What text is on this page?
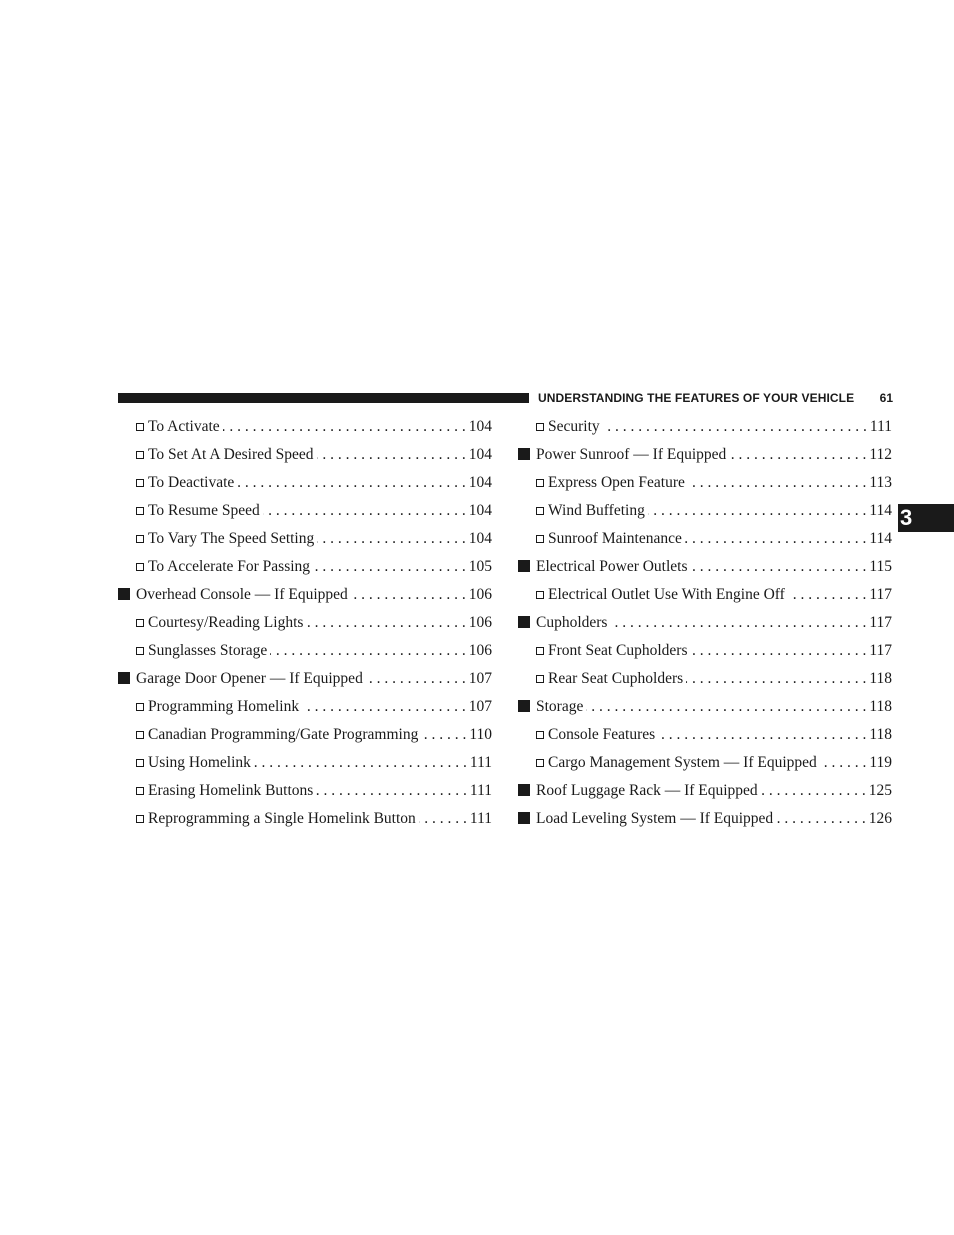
UNDERSTANDING THE FEATURES OF YOUR VEHICLE	61
3
To Activate . . .	104
To Set At A Desired Speed . . .	104
To Deactivate . . .	104
To Resume Speed . . .	104
To Vary The Speed Setting . . .	104
To Accelerate For Passing . . .	105
Overhead Console — If Equipped . . .	106
Courtesy/Reading Lights . . .	106
Sunglasses Storage . . .	106
Garage Door Opener — If Equipped . . .	107
Programming Homelink . . .	107
Canadian Programming/Gate Programming . . .	110
Using Homelink . . .	111
Erasing Homelink Buttons . . .	111
Reprogramming a Single Homelink Button . . .	111
Security . . .	111
Power Sunroof — If Equipped . . .	112
Express Open Feature . . .	113
Wind Buffeting . . .	114
Sunroof Maintenance . . .	114
Electrical Power Outlets . . .	115
Electrical Outlet Use With Engine Off . . .	117
Cupholders . . .	117
Front Seat Cupholders . . .	117
Rear Seat Cupholders . . .	118
Storage . . .	118
Console Features . . .	118
Cargo Management System — If Equipped . . .	119
Roof Luggage Rack — If Equipped . . .	125
Load Leveling System — If Equipped . . .	126
